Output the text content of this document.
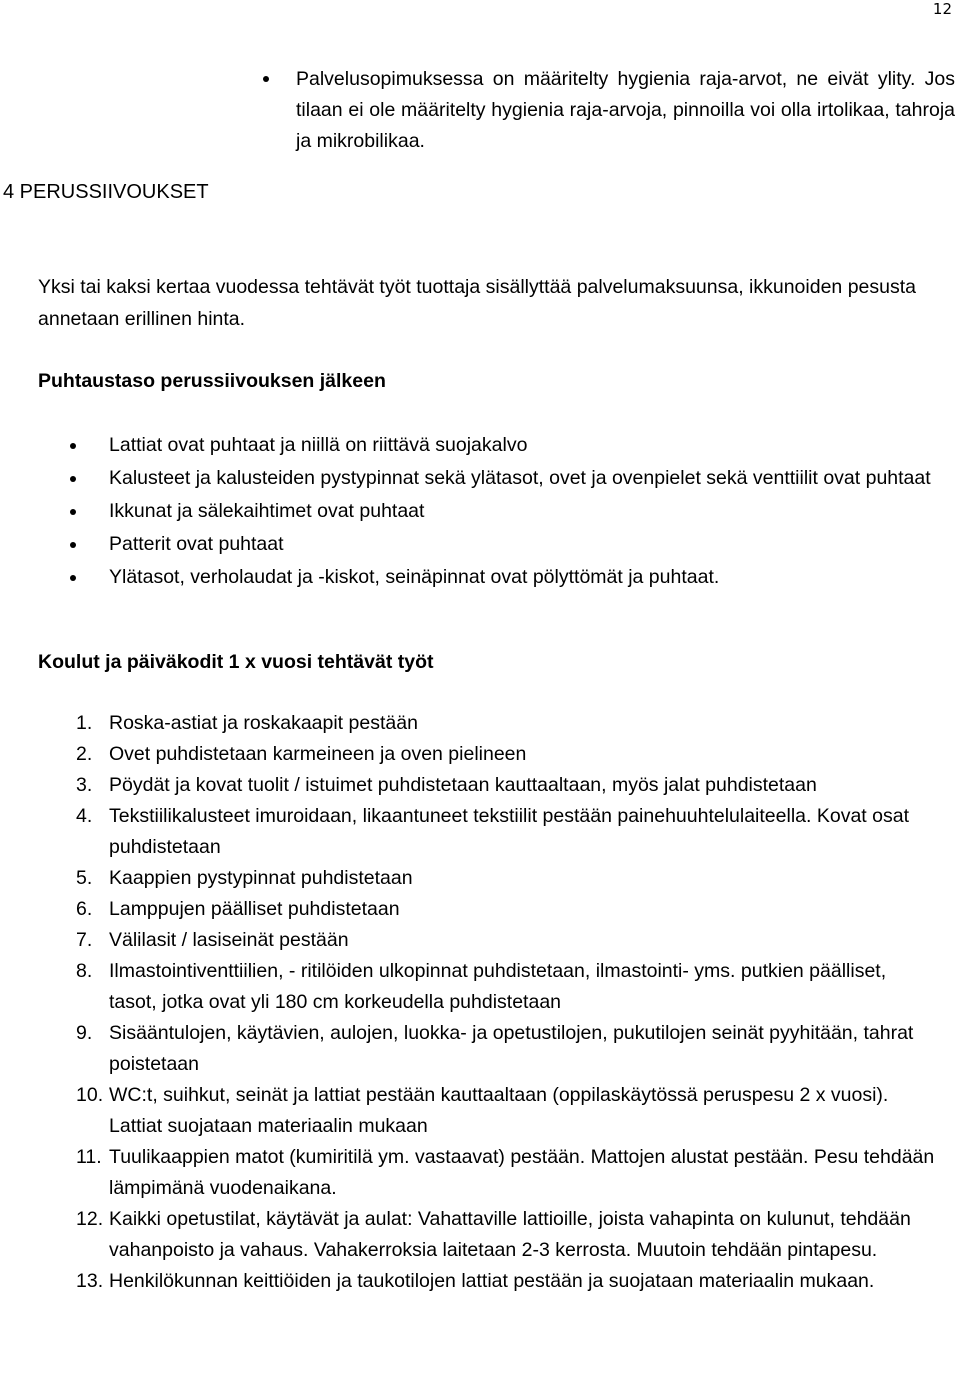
12
Palvelusopimuksessa on määritelty hygienia raja-arvot, ne eivät ylity. Jos tilaan ei ole määritelty hygienia raja-arvoja, pinnoilla voi olla irtolikaa, tahroja ja mikrobilikaa.
4 PERUSSIIVOUKSET
Yksi tai kaksi kertaa vuodessa tehtävät työt tuottaja sisällyttää palvelumaksuunsa, ikkunoiden pesusta annetaan erillinen hinta.
Puhtaustaso perussiivouksen jälkeen
Lattiat ovat puhtaat ja niillä on riittävä suojakalvo
Kalusteet ja kalusteiden pystypinnat sekä ylätasot, ovet ja ovenpielet sekä venttiilit ovat puhtaat
Ikkunat ja sälekaihtimet ovat puhtaat
Patterit ovat puhtaat
Ylätasot, verholaudat ja -kiskot, seinäpinnat ovat pölyttömät ja puhtaat.
Koulut ja päiväkodit 1 x vuosi tehtävät työt
1. Roska-astiat ja roskakaapit pestään
2. Ovet puhdistetaan karmeineen ja oven pielineen
3. Pöydät ja kovat tuolit / istuimet puhdistetaan kauttaaltaan, myös jalat puhdistetaan
4. Tekstiilikalusteet imuroidaan, likaantuneet tekstiilit pestään painehuuhtelulaiteella. Kovat osat puhdistetaan
5. Kaappien pystypinnat puhdistetaan
6. Lamppujen päälliset puhdistetaan
7. Välilasit / lasiseinät pestään
8. Ilmastointiventtiilien, - ritilöiden ulkopinnat puhdistetaan, ilmastointi- yms. putkien päälliset, tasot, jotka ovat yli 180 cm korkeudella puhdistetaan
9. Sisääntulojen, käytävien, aulojen, luokka- ja opetustilojen, pukutilojen seinät pyyhitään, tahrat poistetaan
10. WC:t, suihkut, seinät ja lattiat pestään kauttaaltaan (oppilaskäytössä peruspesu 2 x vuosi). Lattiat suojataan materiaalin mukaan
11. Tuulikaappien matot (kumiritilä ym. vastaavat) pestään. Mattojen alustat pestään. Pesu tehdään lämpimänä vuodenaikana.
12. Kaikki opetustilat, käytävät ja aulat: Vahattaville lattioille, joista vahapinta on kulunut, tehdään vahanpoisto ja vahaus. Vahakerroksia laitetaan 2-3 kerrosta. Muutoin tehdään pintapesu.
13. Henkilökunnan keittiöiden ja taukotilojen lattiat pestään ja suojataan materiaalin mukaan.
